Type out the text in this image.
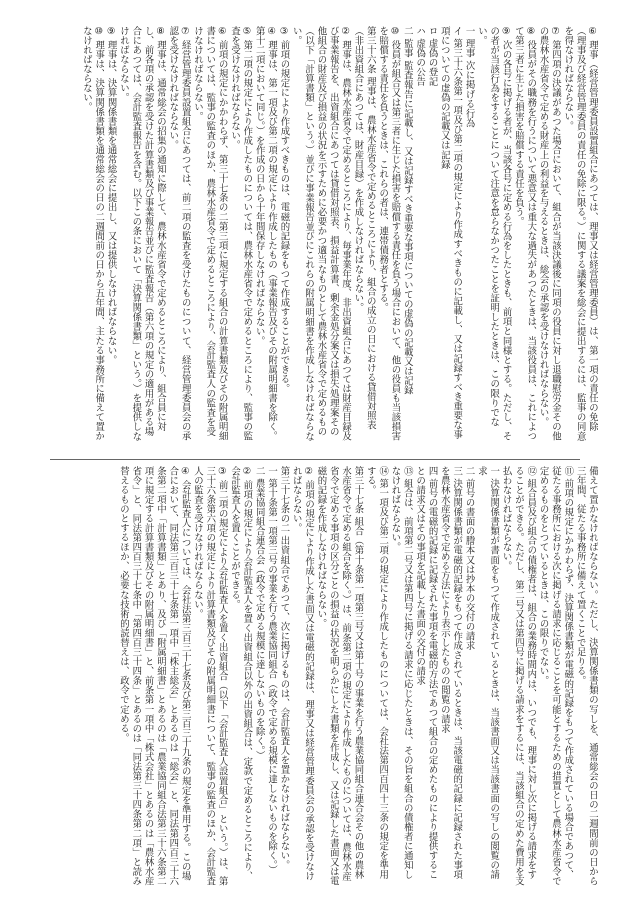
⑥ 理事（経営管理委員設置組合にあつては、理事又は経営管理委員）は、第一項の責任の免除（理事及び経営管理委員の責任の免除に限る。）に関する議案を総会に提出するには、監事の同意を得なければならない。

⑦ 第四項の決議があつた場合において、組合が当該決議後に同項の役員に対し退職慰労金その他の農林水産省令で定める財産上の利益を与えるときは、総会の承認を受けなければならない。

⑧ 役員がその職務を行うについて悪意又は重大な過失があつたときは、当該役員は、これによつて第三者に生じた損害を賠償する責任を負う。

⑨ 次の各号に掲げる者が、当該各号に定める行為をしたときも、前項と同様とする。ただし、その者が当該行為をすることについて注意を怠らなかつたことを証明したときは、この限りでない。

一 理事 次に掲げる行為

イ 第三十六条第一項及び第二項の規定により作成すべきものに記載し、又は記録すべき重要な事項についての虚偽の記載又は記録

ロ 虚偽の登記

ハ 虚偽の公告

二 監事 監査報告に記載し、又は記録すべき重要な事項についての虚偽の記載又は記録

⑩ 役員が組合又は第三者に生じた損害を賠償する責任を負う場合において、他の役員も当該損害を賠償する責任を負うときは、これらの者は、連帯債務者とする。

第三十六条 理事は、農林水産省令で定めるところにより、組合の成立の日における貸借対照表（非出資組合にあつては、財産目録）を作成しなければならない。

② 理事は、農林水産省令で定めるところにより、毎事業年度、非出資組合にあつては財産目録及び事業報告を、出資組合にあつては貸借対照表、損益計算書、剰余金処分案又は損失処理案その他組合の財産及び損益の状況を示すために必要かつ適当なものとして農林水産省令で定めるもの（以下「計算書類」という。）並びに事業報告並びにこれらの附属明細書を作成しなければならない。

③ 前項の規定により作成すべきものは、電磁的記録をもつて作成することができる。

④ 理事は、第一項及び第二項の規定により作成したもの（事業報告及びその附属明細書を除く。第十二項において同じ。）を作成の日から十年間保存しなければならない。

⑤ 第二項の規定により作成したものについては、農林水産省令で定めるところにより、監事の監査を受けなければならない。

⑥ 前項の規定にかかわらず、第三十七条の二第三項に規定する組合の計算書類及びその附属明細書については、監事の監査のほか、農林水産省令で定めるところにより、会計監査人の監査を受けなければならない。

⑦ 経営管理委員設置組合にあつては、前二項の監査を受けたものについて、経営管理委員会の承認を受けなければならない。

⑧ 理事は、通常総会の招集の通知に際して、農林水産省令で定めるところにより、組合員に対し、前各項の承認を受けた計算書類及び事業報告並びに監査報告（第六項の規定の適用がある場合にあつては、会計監査報告を含む。以下この条において「決算関係書類」という。）を提供しなければならない。

⑨ 理事は、決算関係書類を通常総会に提出し、又は提供しなければならない。

⑩ 理事は、決算関係書類を通常総会の日の二週間前の日から五年間、主たる事務所に備えて置かなければならない。

備えて置かなければならない。ただし、決算関係書類の写しを、通常総会の日の二週間前の日から三年間、従たる事務所に備えて置くことで足りる。

⑪ 前項の規定にかかわらず、決算関係書類が電磁的記録をもつて作成されている場合であつて、従たる事務所における次に掲げる請求に応じることを可能とするための措置として農林水産省令で定めるものをとつているときは、この限りでない。

⑫ 組合員及び組合の債権者は、組合の業務時間内は、いつでも、理事に対し次に掲げる請求をすることができる。ただし、第二号又は第四号に掲げる請求をするには、当該組合の定めた費用を支払わなければならない。

一 決算関係書類が書面をもつて作成されているときは、当該書面又は当該書面の写しの閲覧の請求

二 前号の書面の謄本又は抄本の交付の請求

三 決算関係書類が電磁的記録をもつて作成されているときは、当該電磁的記録に記録された事項を農林水産省令で定める方法により表示したものの閲覧の請求

四 前号の電磁的記録に記録された事項を電磁的方法であつて組合の定めたものにより提供することの請求又はその事項を記載した書面の交付の請求

⑬ 組合は、前項第二号又は第四号に掲げる請求に応じたときは、その旨を組合の債権者に通知しなければならない。

⑭ 第一項及び第二項の規定により作成したものについては、会社法第四百四十三条の規定を準用する。

第三十七条 組合（第十条第一項第三号又は第十号の事業を行う農業協同組合連合会その他の農林水産省令で定める組合を除く。）は、前条第二項の規定により作成したものについては、農林水産省令で定める事項の区分ごとの損益の状況を明らかにした書類を作成し、又は記録した書面又は電磁的記録を作成しなければならない。

② 前項の規定により作成した書面又は電磁的記録は、理事又は経営管理委員会の承認を受けなければならない。

第三十七条の二 出資組合であつて、次に掲げるものは、会計監査人を置かなければならない。

一 第十条第一項第三号の事業を行う農業協同組合（政令で定める規模に達しないものを除く。）

二 農業協同組合連合会（政令で定める規模に達しないものを除く。）

② 前項の規定により会計監査人を置く出資組合以外の出資組合は、定款で定めるところにより、会計監査人を置くことができる。

③ 前二項の規定により会計監査人を置く出資組合（以下「会計監査人設置組合」という。）は、第三十六条第六項の規定により計算書類及びその附属明細書について、監事の監査のほか、会計監査人の監査を受けなければならない。

④ 会計監査人については、会社法第三百三十七条及び第三百三十九条の規定を準用する。この場合において、同法第三百三十七条第一項中「株主総会」とあるのは「総会」と、同法第四百三十六条第二項中「計算書類」とあり、及び「附属明細書」とあるのは「農業協同組合法第三十六条第二項に規定する計算書類及びその附属明細書」と、前条第一項中「株式会社」とあるのは「農林水産省令」と、同法第四百三十七条中「第四百三十四条」とあるのは「同法第三十四条第二項」と読み替えるものとするほか、必要な技術的読替えは、政令で定める。
